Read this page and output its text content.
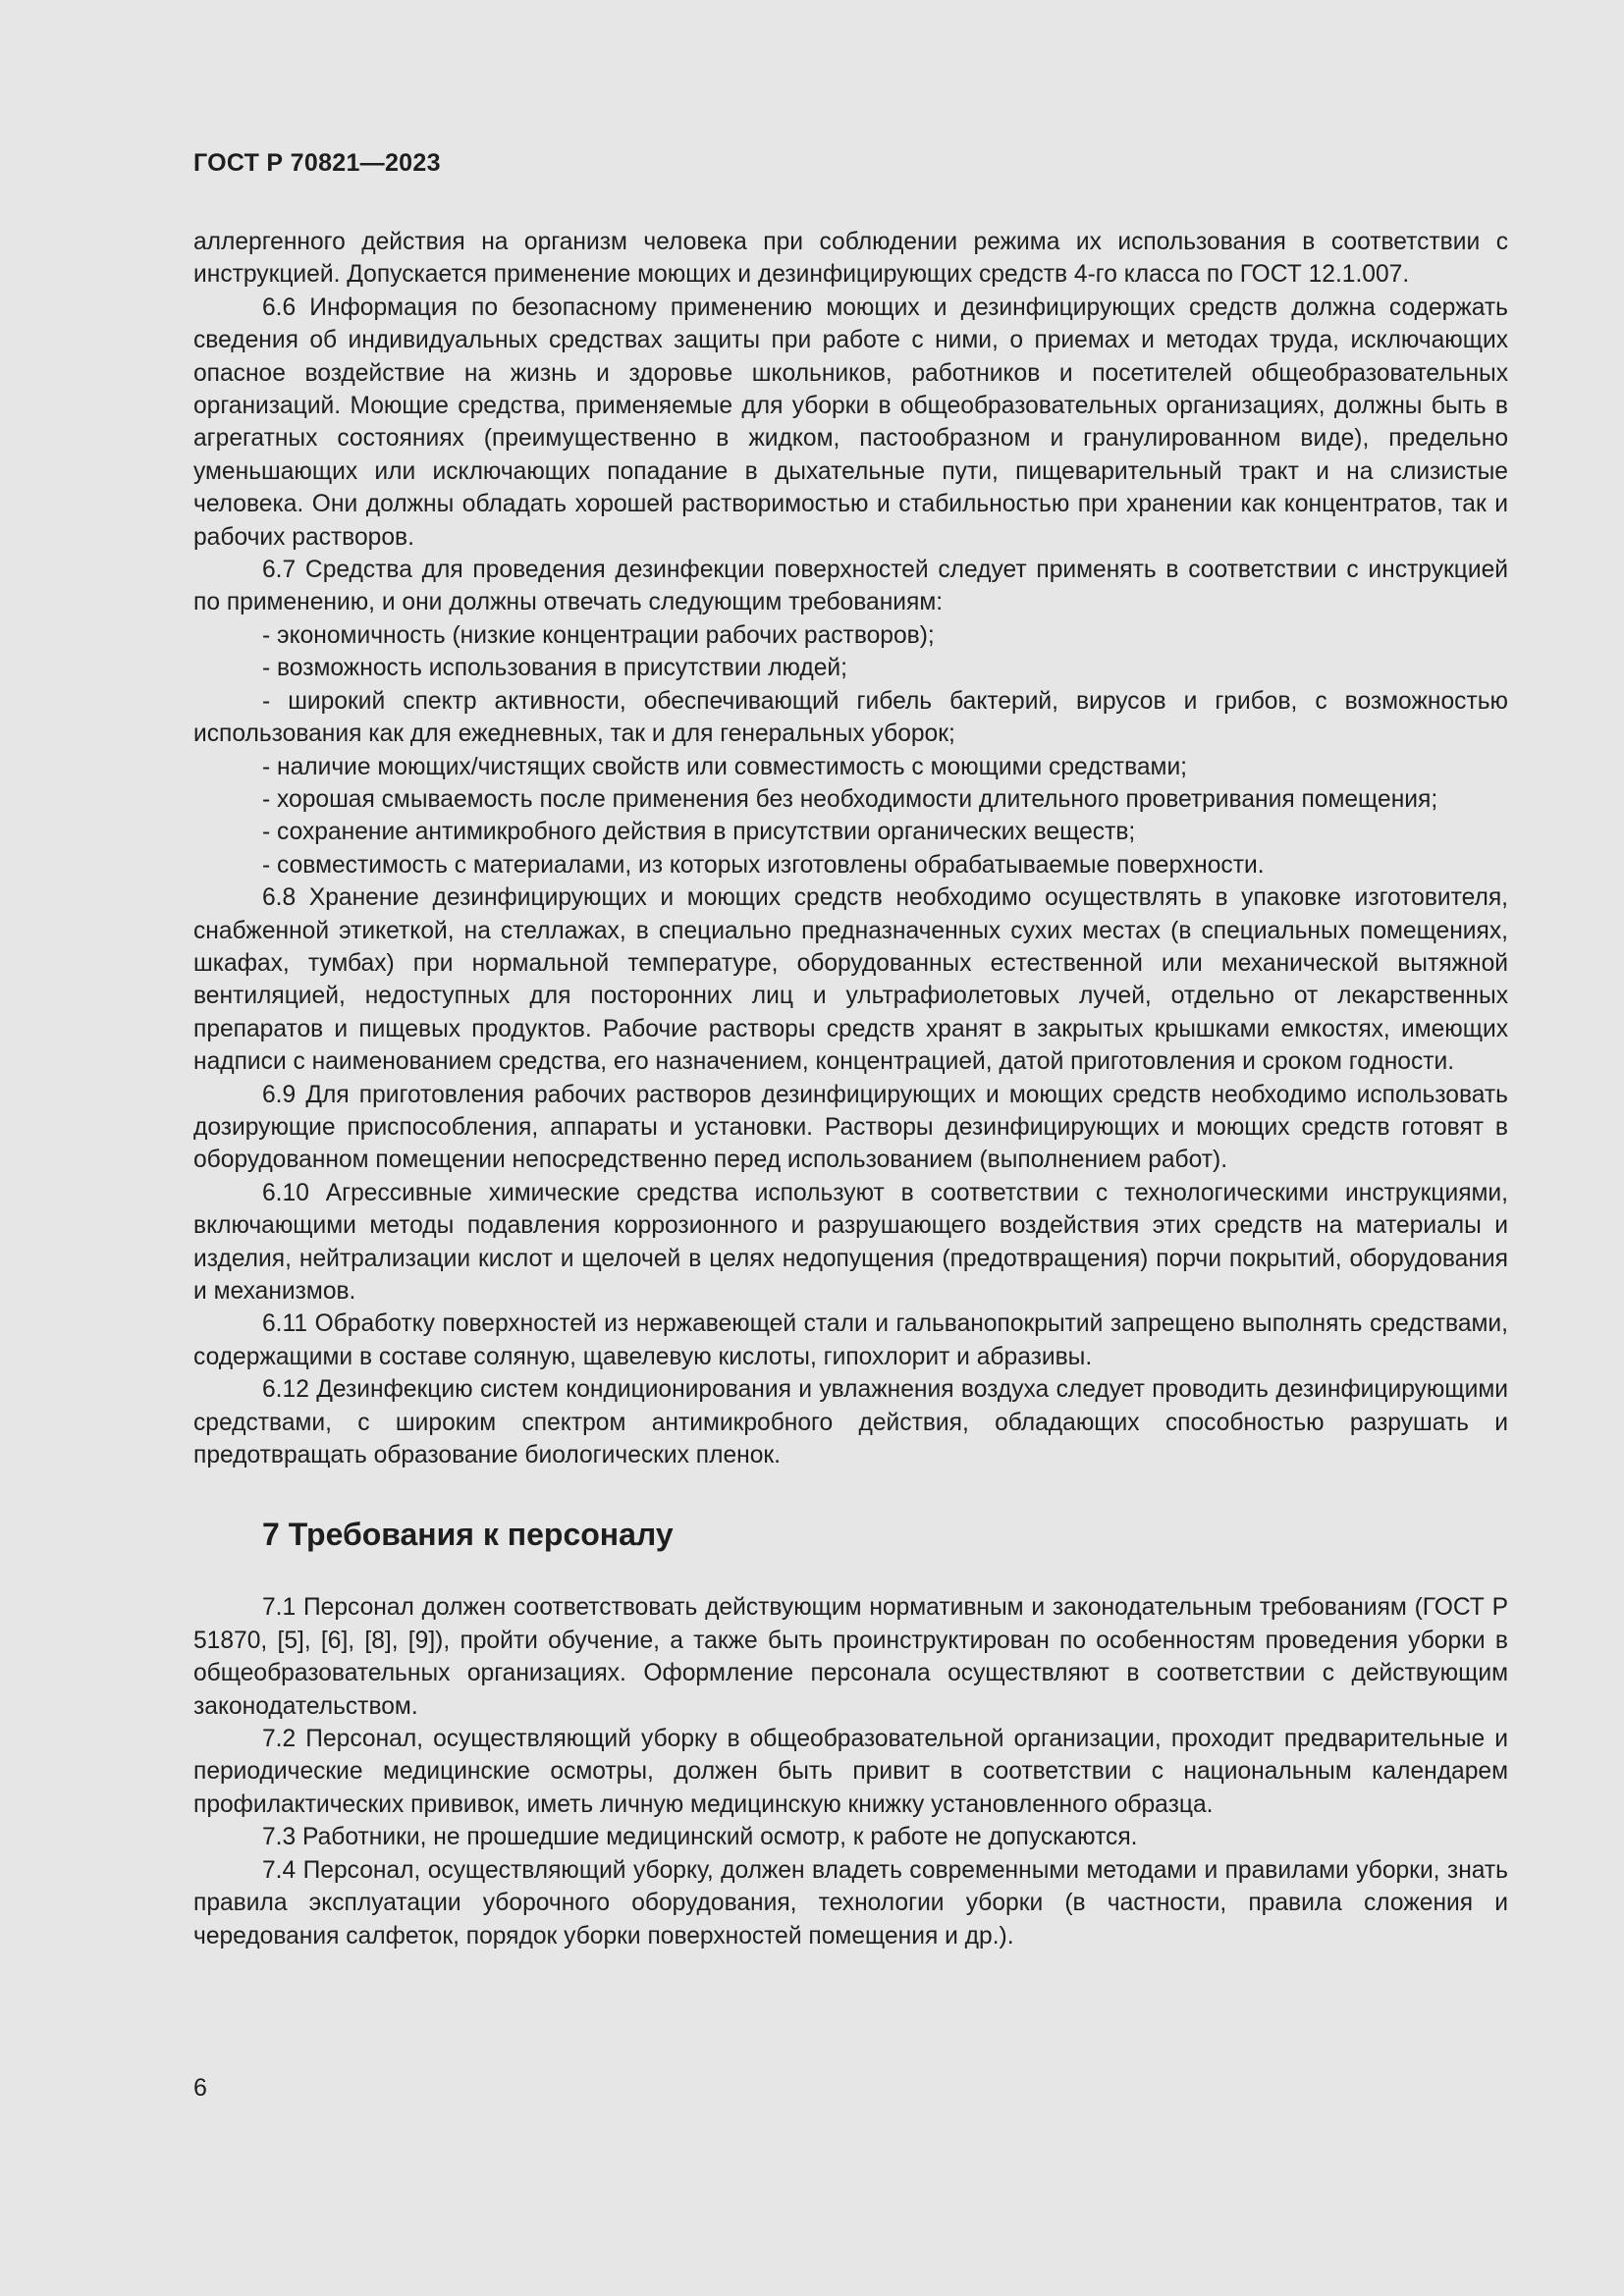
ГОСТ Р 70821—2023

аллергенного действия на организм человека при соблюдении режима их использования в соответствии с инструкцией. Допускается применение моющих и дезинфицирующих средств 4-го класса по ГОСТ 12.1.007.

6.6 Информация по безопасному применению моющих и дезинфицирующих средств должна содержать сведения об индивидуальных средствах защиты при работе с ними, о приемах и методах труда, исключающих опасное воздействие на жизнь и здоровье школьников, работников и посетителей общеобразовательных организаций. Моющие средства, применяемые для уборки в общеобразовательных организациях, должны быть в агрегатных состояниях (преимущественно в жидком, пастообразном и гранулированном виде), предельно уменьшающих или исключающих попадание в дыхательные пути, пищеварительный тракт и на слизистые человека. Они должны обладать хорошей растворимостью и стабильностью при хранении как концентратов, так и рабочих растворов.

6.7 Средства для проведения дезинфекции поверхностей следует применять в соответствии с инструкцией по применению, и они должны отвечать следующим требованиям:

- экономичность (низкие концентрации рабочих растворов);

- возможность использования в присутствии людей;

- широкий спектр активности, обеспечивающий гибель бактерий, вирусов и грибов, с возможностью использования как для ежедневных, так и для генеральных уборок;

- наличие моющих/чистящих свойств или совместимость с моющими средствами;

- хорошая смываемость после применения без необходимости длительного проветривания помещения;

- сохранение антимикробного действия в присутствии органических веществ;

- совместимость с материалами, из которых изготовлены обрабатываемые поверхности.

6.8 Хранение дезинфицирующих и моющих средств необходимо осуществлять в упаковке изготовителя, снабженной этикеткой, на стеллажах, в специально предназначенных сухих местах (в специальных помещениях, шкафах, тумбах) при нормальной температуре, оборудованных естественной или механической вытяжной вентиляцией, недоступных для посторонних лиц и ультрафиолетовых лучей, отдельно от лекарственных препаратов и пищевых продуктов. Рабочие растворы средств хранят в закрытых крышками емкостях, имеющих надписи с наименованием средства, его назначением, концентрацией, датой приготовления и сроком годности.

6.9 Для приготовления рабочих растворов дезинфицирующих и моющих средств необходимо использовать дозирующие приспособления, аппараты и установки. Растворы дезинфицирующих и моющих средств готовят в оборудованном помещении непосредственно перед использованием (выполнением работ).

6.10 Агрессивные химические средства используют в соответствии с технологическими инструкциями, включающими методы подавления коррозионного и разрушающего воздействия этих средств на материалы и изделия, нейтрализации кислот и щелочей в целях недопущения (предотвращения) порчи покрытий, оборудования и механизмов.

6.11 Обработку поверхностей из нержавеющей стали и гальванопокрытий запрещено выполнять средствами, содержащими в составе соляную, щавелевую кислоты, гипохлорит и абразивы.

6.12 Дезинфекцию систем кондиционирования и увлажнения воздуха следует проводить дезинфицирующими средствами, с широким спектром антимикробного действия, обладающих способностью разрушать и предотвращать образование биологических пленок.

7 Требования к персоналу

7.1 Персонал должен соответствовать действующим нормативным и законодательным требованиям (ГОСТ Р 51870, [5], [6], [8], [9]), пройти обучение, а также быть проинструктирован по особенностям проведения уборки в общеобразовательных организациях. Оформление персонала осуществляют в соответствии с действующим законодательством.

7.2 Персонал, осуществляющий уборку в общеобразовательной организации, проходит предварительные и периодические медицинские осмотры, должен быть привит в соответствии с национальным календарем профилактических прививок, иметь личную медицинскую книжку установленного образца.

7.3 Работники, не прошедшие медицинский осмотр, к работе не допускаются.

7.4 Персонал, осуществляющий уборку, должен владеть современными методами и правилами уборки, знать правила эксплуатации уборочного оборудования, технологии уборки (в частности, правила сложения и чередования салфеток, порядок уборки поверхностей помещения и др.).

6
